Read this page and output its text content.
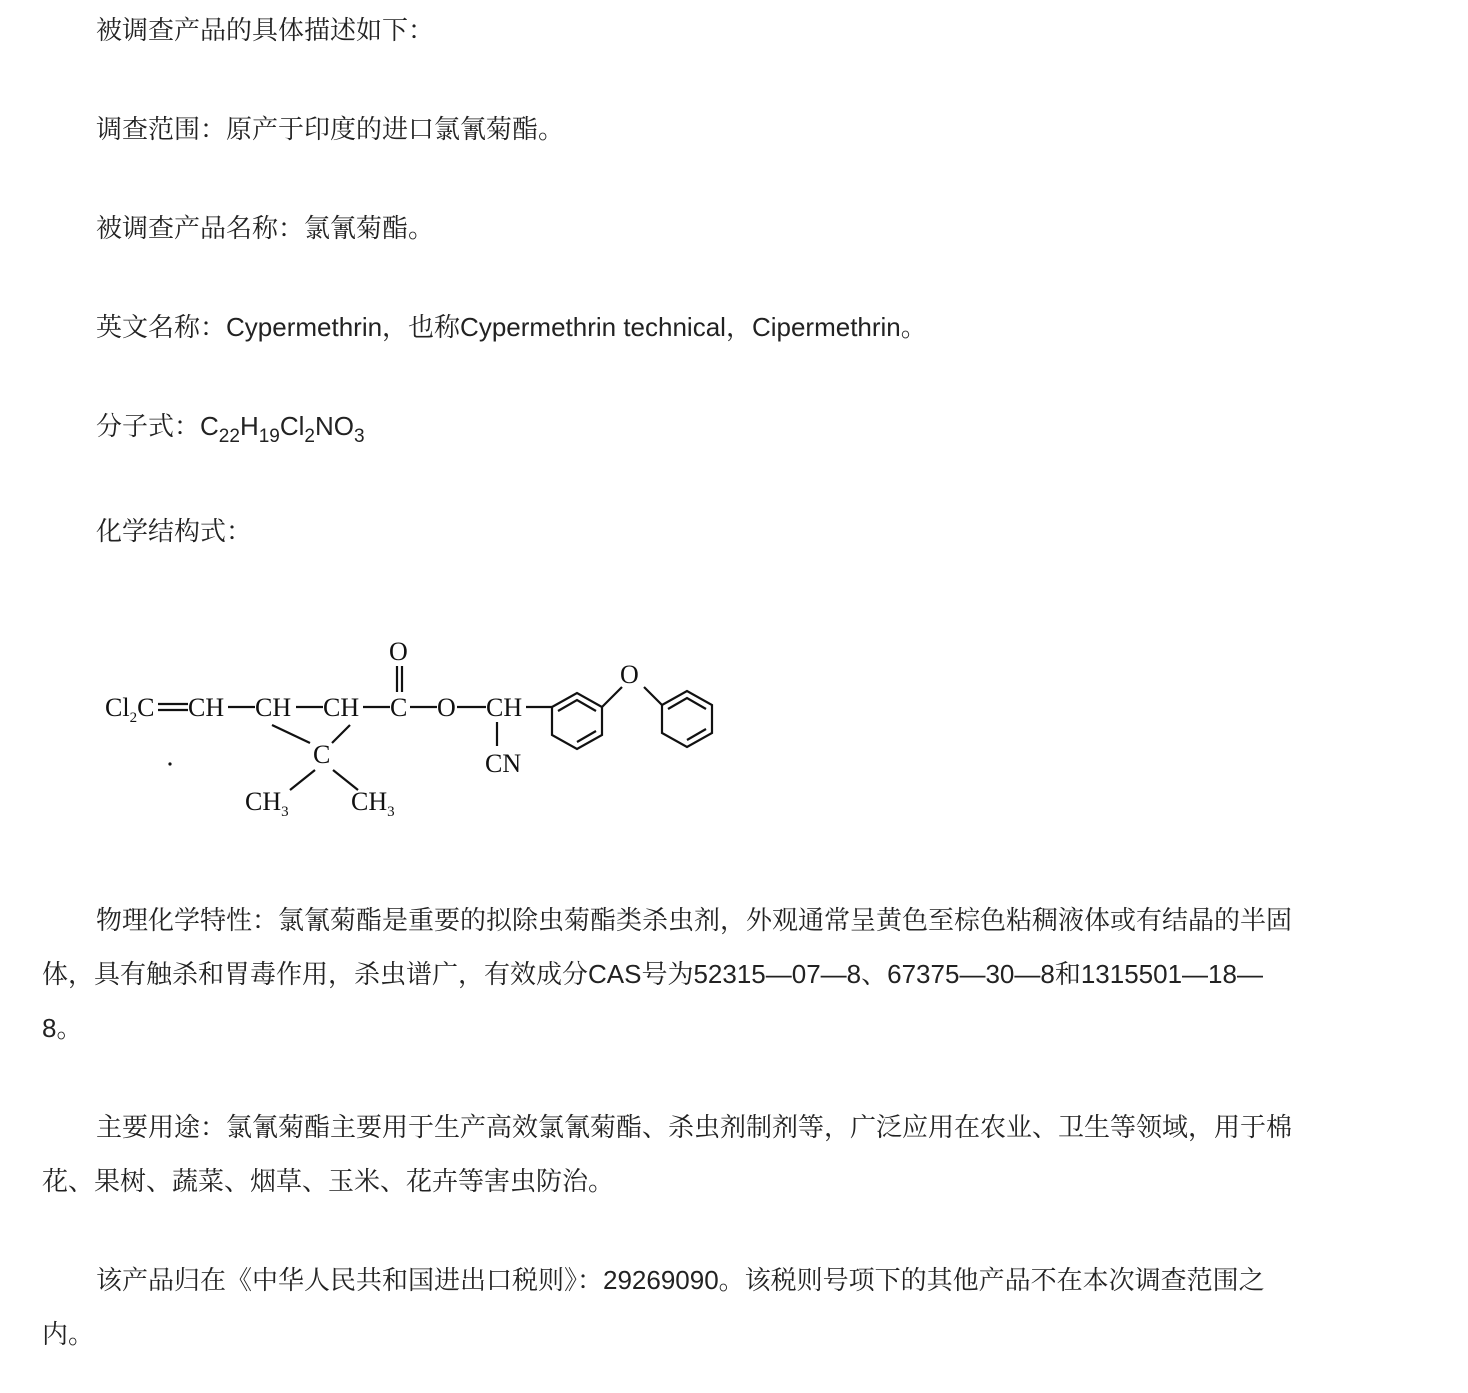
被调查产品的具体描述如下：

调查范围：原产于印度的进口氯氰菊酯。

被调查产品名称：氯氰菊酯。

英文名称：Cypermethrin，也称Cypermethrin technical，Cipermethrin。

分子式：$C_{22}H_{19}Cl_2NO_3$

化学结构式：

$Cl_2C$ CH CH CH C
O
O CH
CN
C
$CH_3$ $CH_3$
O

物理化学特性：氯氰菊酯是重要的拟除虫菊酯类杀虫剂，外观通常呈黄色至棕色粘稠液体或有结晶的半固体，具有触杀和胃毒作用，杀虫谱广，有效成分CAS号为52315—07—8、67375—30—8和1315501—18—8。

主要用途：氯氰菊酯主要用于生产高效氯氰菊酯、杀虫剂制剂等，广泛应用在农业、卫生等领域，用于棉花、果树、蔬菜、烟草、玉米、花卉等害虫防治。

该产品归在《中华人民共和国进出口税则》：29269090。该税则号项下的其他产品不在本次调查范围之内。
